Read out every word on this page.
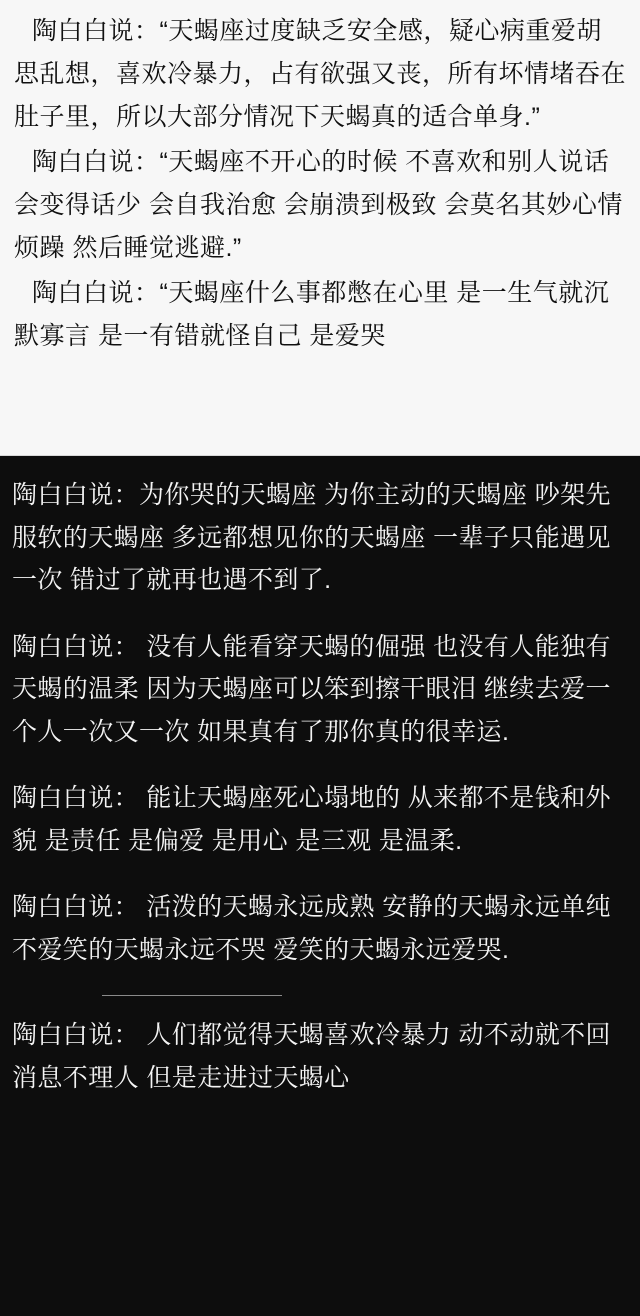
陶白白说：“天蝎座过度缺乏安全感，疑心病重爱胡思乱想，喜欢冷暴力，占有欲强又丧，所有坏情堵吞在肚子里，所以大部分情况下天蝎真的适合单身.”

陶白白说：“天蝎座不开心的时候 不喜欢和别人说话 会变得话少 会自我治愈 会崩溃到极致 会莫名其妙心情烦躁 然后睡觉逃避.”

陶白白说：“天蝎座什么事都憋在心里 是一生气就沉默寡言 是一有错就怪自己 是爱哭

陶白白说：为你哭的天蝎座 为你主动的天蝎座 吵架先服软的天蝎座 多远都想见你的天蝎座 一辈子只能遇见一次 错过了就再也遇不到了.

陶白白说： 没有人能看穿天蝎的倔强 也没有人能独有天蝎的温柔 因为天蝎座可以笨到擦干眼泪 继续去爱一个人一次又一次 如果真有了那你真的很幸运.

陶白白说： 能让天蝎座死心塌地的 从来都不是钱和外貌 是责任 是偏爱 是用心 是三观 是温柔.

陶白白说： 活泼的天蝎永远成熟 安静的天蝎永远单纯 不爱笑的天蝎永远不哭 爱笑的天蝎永远爱哭.

陶白白说： 人们都觉得天蝎喜欢冷暴力 动不动就不回消息不理人 但是走进过天蝎心
